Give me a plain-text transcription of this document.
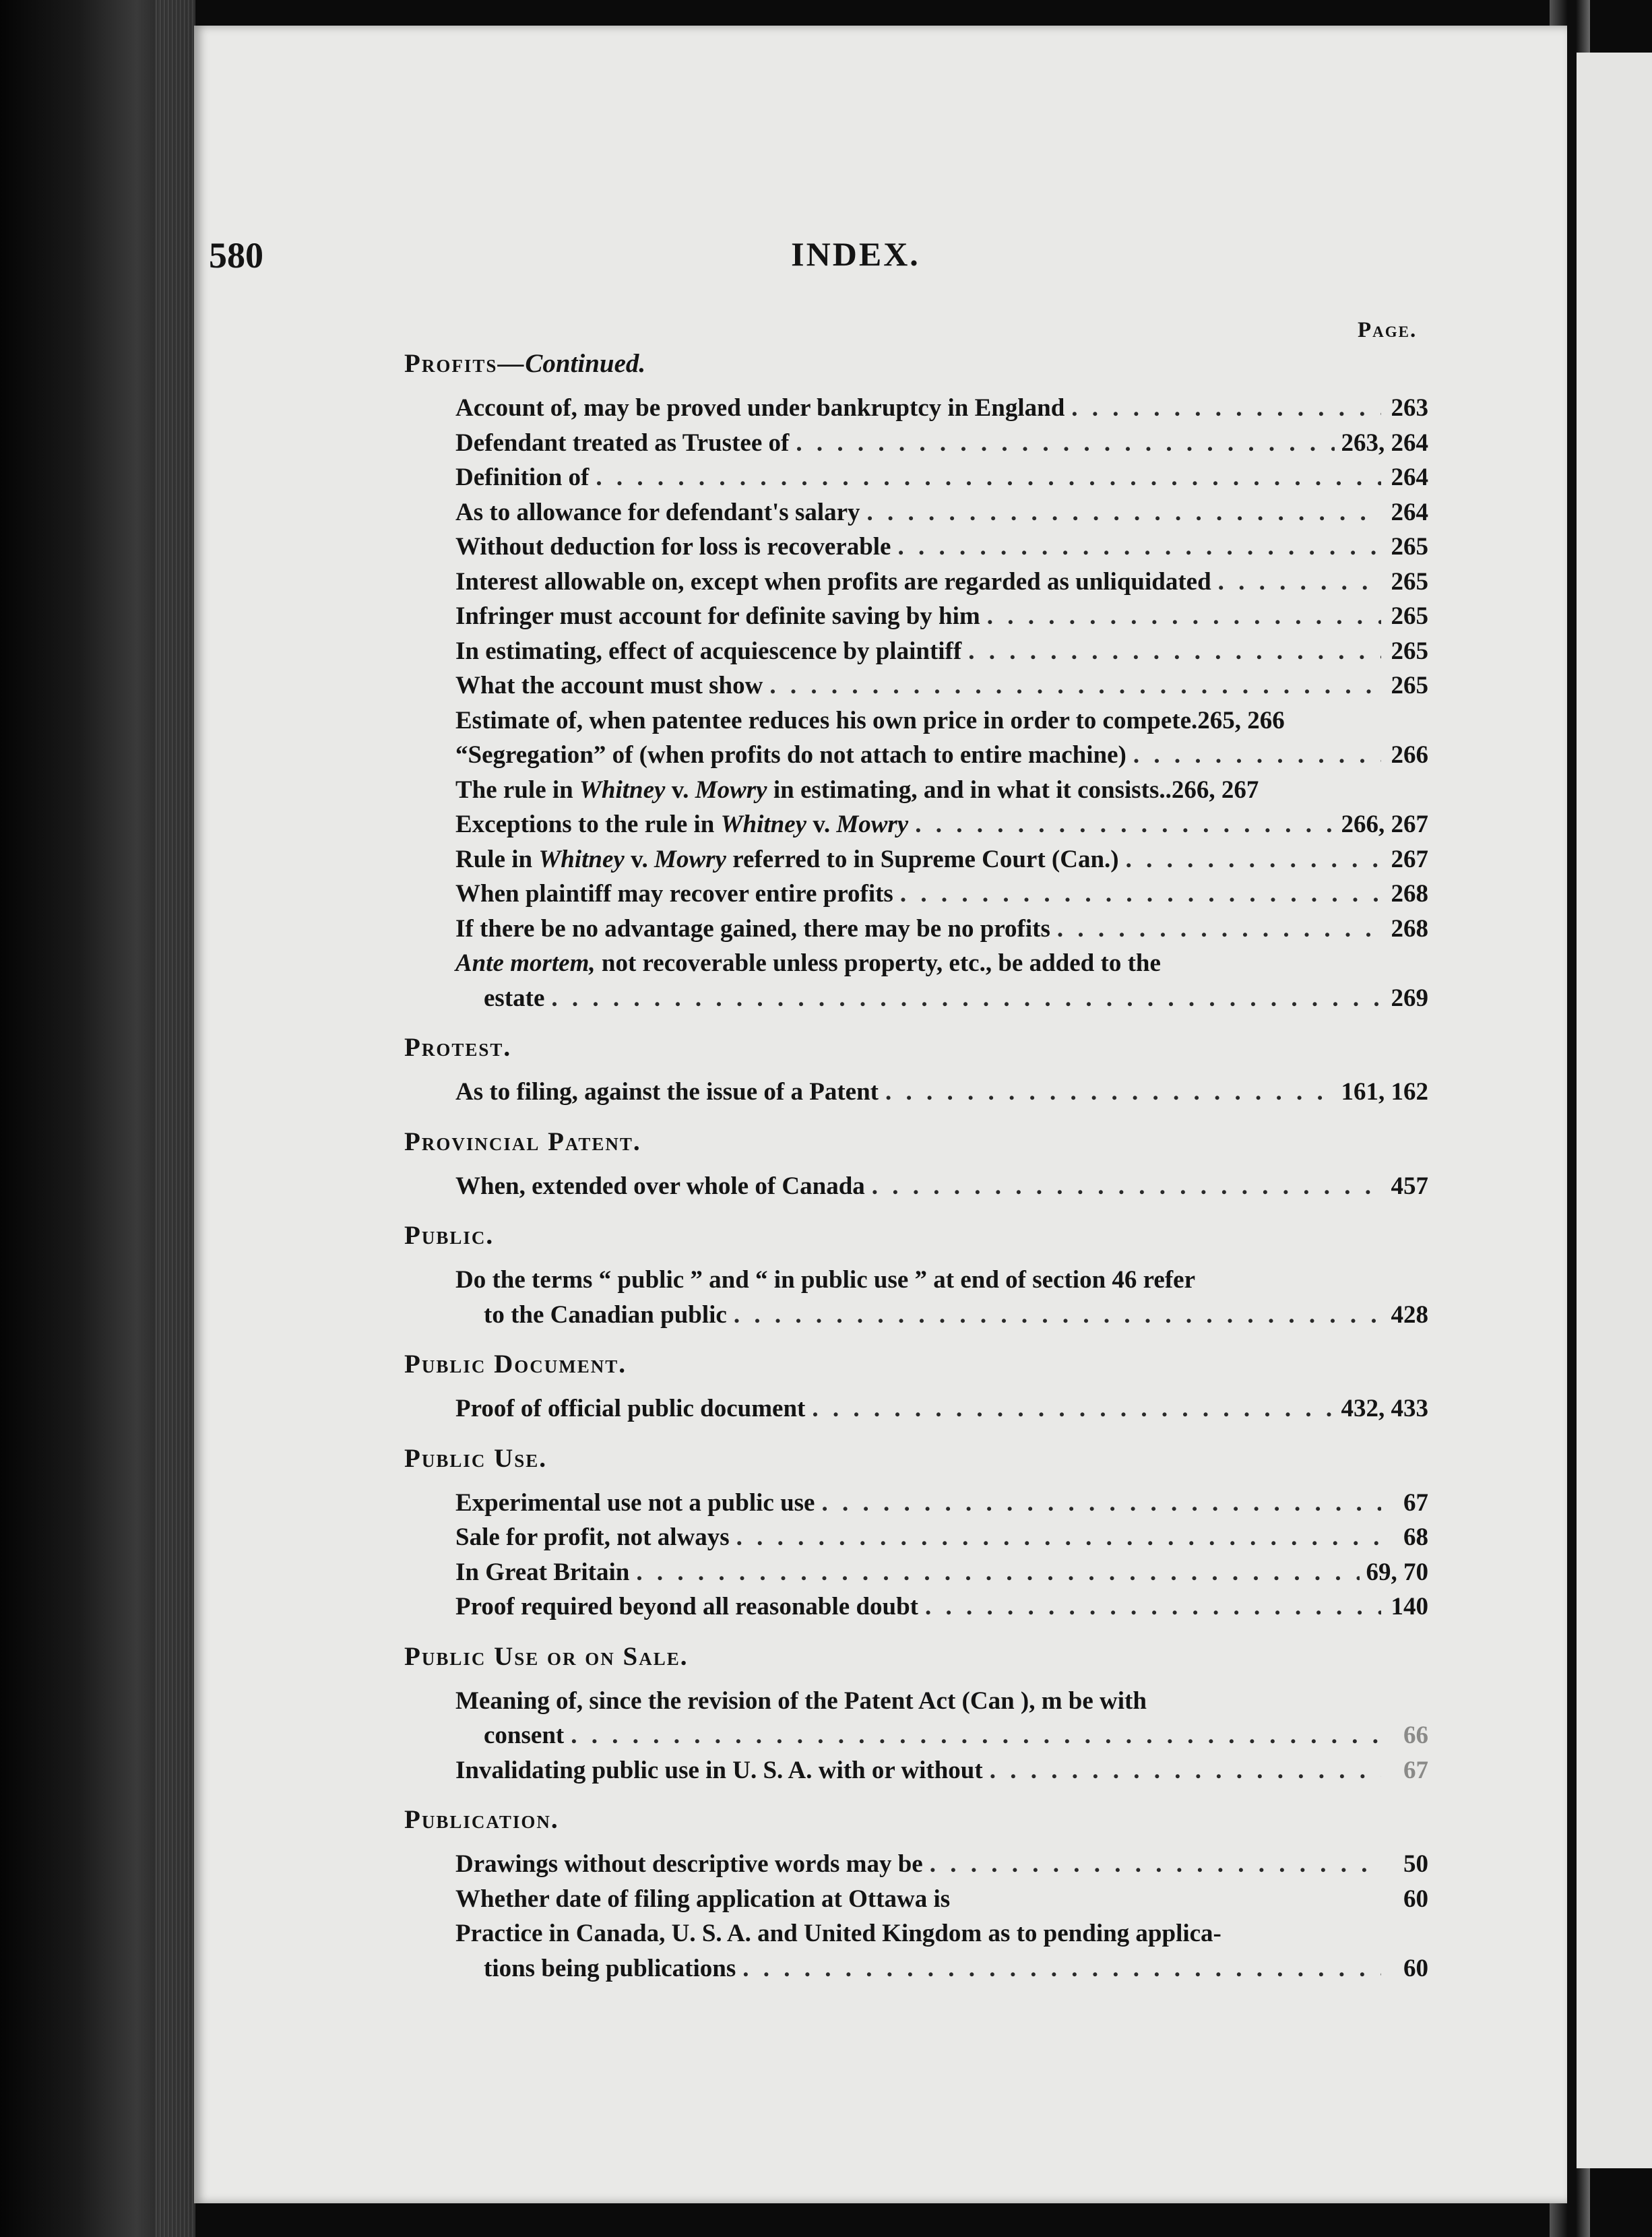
580	INDEX.
Page.
Profits—Continued.
Account of, may be proved under bankruptcy in England . . .	263
Defendant treated as Trustee of . . .	263, 264
Definition of . . .	264
As to allowance for defendant's salary . . .	264
Without deduction for loss is recoverable . . .	265
Interest allowable on, except when profits are regarded as unliquidated . . .	265
Infringer must account for definite saving by him . . .	265
In estimating, effect of acquiescence by plaintiff . . .	265
What the account must show . . .	265
Estimate of, when patentee reduces his own price in order to compete. 265, 266
“Segregation” of (when profits do not attach to entire machine) . . .	266
The rule in Whitney v. Mowry in estimating, and in what it consists.. 266, 267
Exceptions to the rule in Whitney v. Mowry . . .	266, 267
Rule in Whitney v. Mowry referred to in Supreme Court (Can.) . . .	267
When plaintiff may recover entire profits . . .	268
If there be no advantage gained, there may be no profits . . .	268
Ante mortem, not recoverable unless property, etc., be added to the
estate . . .	269
Protest.
As to filing, against the issue of a Patent . . .	161, 162
Provincial Patent.
When, extended over whole of Canada . . .	457
Public.
Do the terms “ public ” and “ in public use ” at end of section 46 refer
to the Canadian public . . .	428
Public Document.
Proof of official public document . . .	432, 433
Public Use.
Experimental use not a public use . . .	67
Sale for profit, not always . . .	68
In Great Britain . . .	69, 70
Proof required beyond all reasonable doubt . . .	140
Public Use or on Sale.
Meaning of, since the revision of the Patent Act (Can ), m be with
consent . . .	66
Invalidating public use in U. S. A. with or without . . .	67
Publication.
Drawings without descriptive words may be . . .	50
Whether date of filing application at Ottawa is	60
Practice in Canada, U. S. A. and United Kingdom as to pending applica-
tions being publications . . .	60
